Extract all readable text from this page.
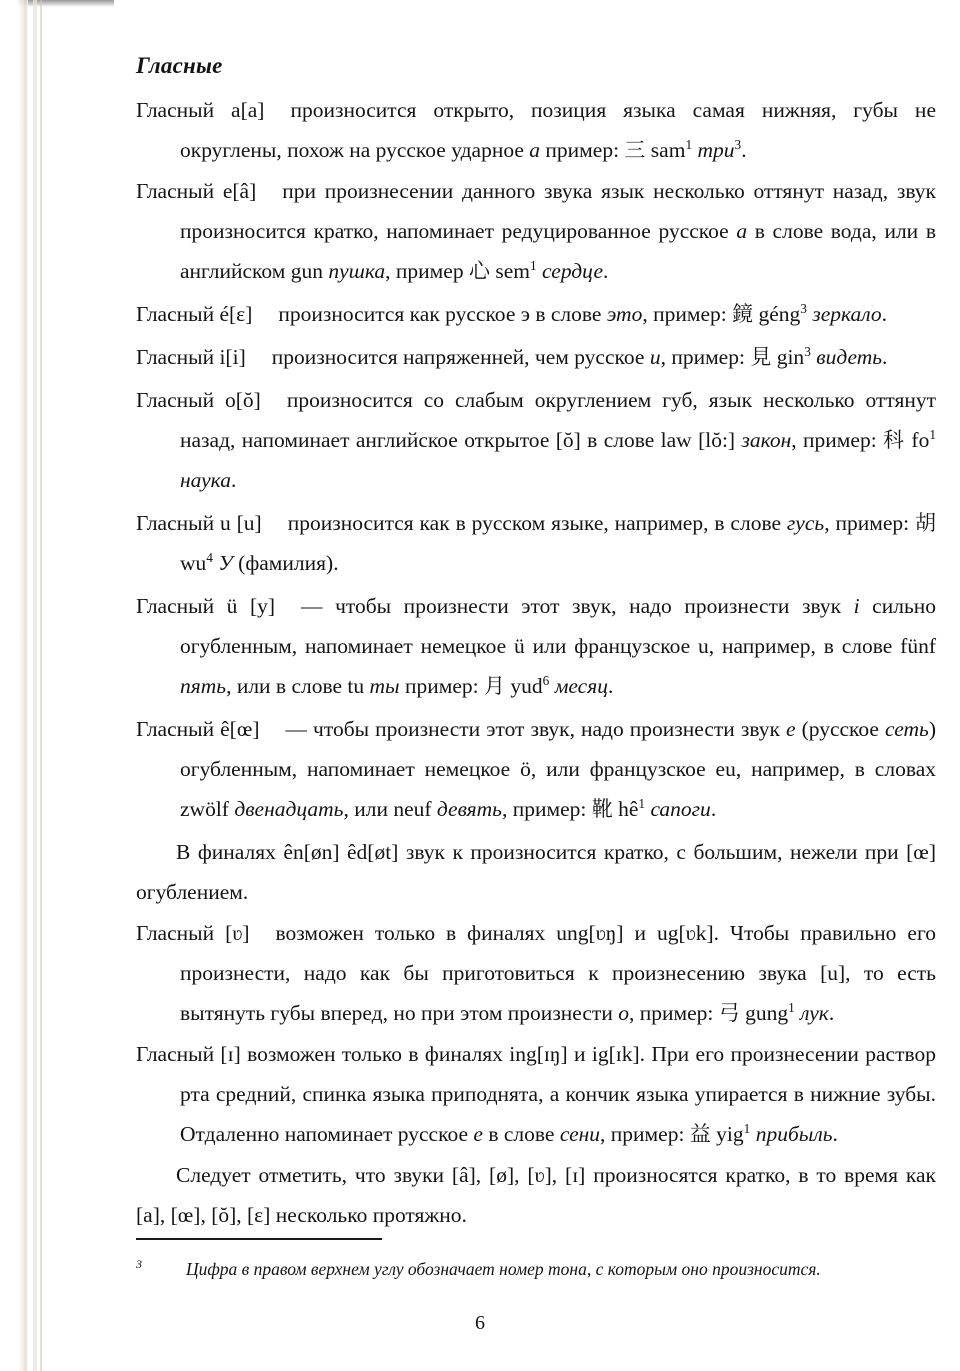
Гласные

Гласный a[a] произносится открыто, позиция языка самая нижняя, губы не округлены, похож на русское ударное а пример: 三 sam$^1$ три$^3$.

Гласный e[â] при произнесении данного звука язык несколько оттянут назад, звук произносится кратко, напоминает редуцированное русское а в слове вода, или в английском gun пушка, пример 心 sem$^1$ сердце.

Гласный é[ɛ] произносится как русское э в слове это, пример: 鏡 géng$^3$ зеркало.

Гласный i[i] произносится напряженней, чем русское и, пример: 見 gin$^3$ видеть.

Гласный o[ŏ] произносится со слабым округлением губ, язык несколько оттянут назад, напоминает английское открытое [ŏ] в слове law [lŏ:] закон, пример: 科 $fo^1$ наука.

Гласный u [u] произносится как в русском языке, например, в слове гусь, пример: 胡 $wu^4$ У (фамилия).

Гласный ü [y] — чтобы произнести этот звук, надо произнести звук i сильно огубленным, напоминает немецкое ü или французское u, например, в слове fünf пять, или в слове tu ты пример: 月 yud$^6$ месяц.

Гласный ê[œ] — чтобы произнести этот звук, надо произнести звук e (русское сеть) огубленным, напоминает немецкое ö, или французское eu, например, в словах zwölf двенадцать, или neuf девять, пример: 靴 $hê^1$ сапоги.

В финалях ên[øn] êd[øt] звук к произносится кратко, с большим, нежели при [œ] огублением.

Гласный [ʋ] возможен только в финалях ung[ʋŋ] и ug[ʋk]. Чтобы правильно его произнести, надо как бы приготовиться к произнесению звука [u], то есть вытянуть губы вперед, но при этом произнести о, пример: 弓 gung$^1$ лук.

Гласный [ɪ] возможен только в финалях ing[ɪŋ] и ig[ɪk]. При его произнесении раствор рта средний, спинка языка приподнята, а кончик языка упирается в нижние зубы. Отдаленно напоминает русское е в слове сени, пример: 益 yig$^1$ прибыль.

Следует отметить, что звуки [â], [ø], [ʋ], [ɪ] произносятся кратко, в то время как [a], [œ], [ŏ], [ɛ] несколько протяжно.

$^3$	Цифра в правом верхнем углу обозначает номер тона, с которым оно произносится.

6
